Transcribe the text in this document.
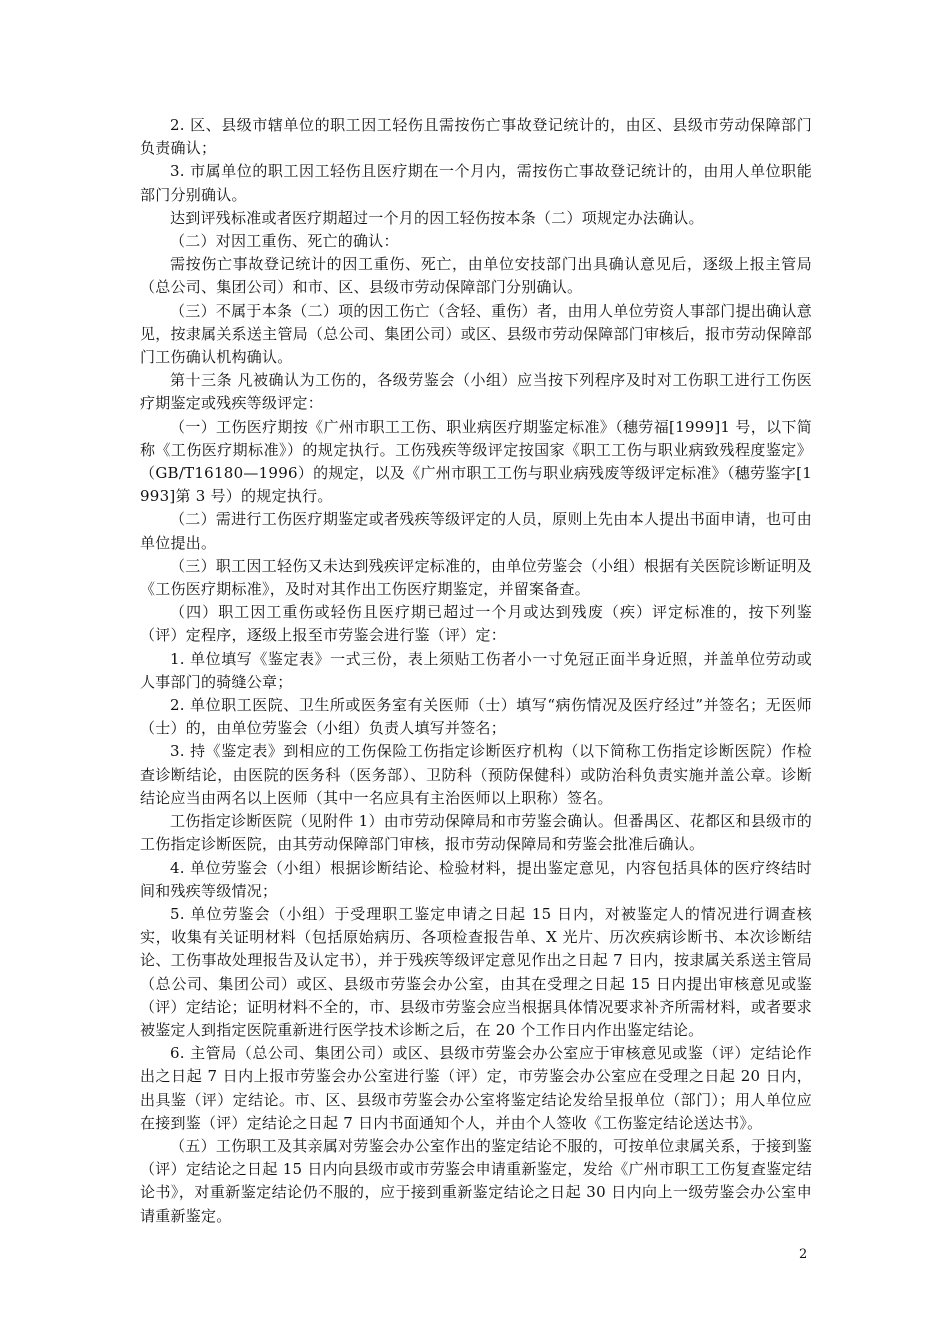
2. 区、县级市辖单位的职工因工轻伤且需按伤亡事故登记统计的，由区、县级市劳动保障部门负责确认；

3. 市属单位的职工因工轻伤且医疗期在一个月内，需按伤亡事故登记统计的，由用人单位职能部门分别确认。

达到评残标准或者医疗期超过一个月的因工轻伤按本条（二）项规定办法确认。

（二）对因工重伤、死亡的确认：

需按伤亡事故登记统计的因工重伤、死亡，由单位安技部门出具确认意见后，逐级上报主管局（总公司、集团公司）和市、区、县级市劳动保障部门分别确认。

（三）不属于本条（二）项的因工伤亡（含轻、重伤）者，由用人单位劳资人事部门提出确认意见，按隶属关系送主管局（总公司、集团公司）或区、县级市劳动保障部门审核后，报市劳动保障部门工伤确认机构确认。

第十三条 凡被确认为工伤的，各级劳鉴会（小组）应当按下列程序及时对工伤职工进行工伤医疗期鉴定或残疾等级评定：

（一）工伤医疗期按《广州市职工工伤、职业病医疗期鉴定标准》（穗劳福[1999]1 号，以下简称《工伤医疗期标准》）的规定执行。工伤残疾等级评定按国家《职工工伤与职业病致残程度鉴定》（GB/T16180—1996）的规定，以及《广州市职工工伤与职业病残废等级评定标准》（穗劳鉴字[1993]第 3 号）的规定执行。

（二）需进行工伤医疗期鉴定或者残疾等级评定的人员，原则上先由本人提出书面申请，也可由单位提出。

（三）职工因工轻伤又未达到残疾评定标准的，由单位劳鉴会（小组）根据有关医院诊断证明及《工伤医疗期标准》，及时对其作出工伤医疗期鉴定，并留案备查。

（四）职工因工重伤或轻伤且医疗期已超过一个月或达到残废（疾）评定标准的，按下列鉴（评）定程序，逐级上报至市劳鉴会进行鉴（评）定：

1. 单位填写《鉴定表》一式三份，表上须贴工伤者小一寸免冠正面半身近照，并盖单位劳动或人事部门的骑缝公章；

2. 单位职工医院、卫生所或医务室有关医师（士）填写“病伤情况及医疗经过”并签名；无医师（士）的，由单位劳鉴会（小组）负责人填写并签名；

3. 持《鉴定表》到相应的工伤保险工伤指定诊断医疗机构（以下简称工伤指定诊断医院）作检查诊断结论，由医院的医务科（医务部）、卫防科（预防保健科）或防治科负责实施并盖公章。诊断结论应当由两名以上医师（其中一名应具有主治医师以上职称）签名。

工伤指定诊断医院（见附件 1）由市劳动保障局和市劳鉴会确认。但番禺区、花都区和县级市的工伤指定诊断医院，由其劳动保障部门审核，报市劳动保障局和劳鉴会批准后确认。

4. 单位劳鉴会（小组）根据诊断结论、检验材料，提出鉴定意见，内容包括具体的医疗终结时间和残疾等级情况；

5. 单位劳鉴会（小组）于受理职工鉴定申请之日起 15 日内，对被鉴定人的情况进行调查核实，收集有关证明材料（包括原始病历、各项检查报告单、X 光片、历次疾病诊断书、本次诊断结论、工伤事故处理报告及认定书），并于残疾等级评定意见作出之日起 7 日内，按隶属关系送主管局（总公司、集团公司）或区、县级市劳鉴会办公室，由其在受理之日起 15 日内提出审核意见或鉴（评）定结论；证明材料不全的，市、县级市劳鉴会应当根据具体情况要求补齐所需材料，或者要求被鉴定人到指定医院重新进行医学技术诊断之后，在 20 个工作日内作出鉴定结论。

6. 主管局（总公司、集团公司）或区、县级市劳鉴会办公室应于审核意见或鉴（评）定结论作出之日起 7 日内上报市劳鉴会办公室进行鉴（评）定，市劳鉴会办公室应在受理之日起 20 日内，出具鉴（评）定结论。市、区、县级市劳鉴会办公室将鉴定结论发给呈报单位（部门）；用人单位应在接到鉴（评）定结论之日起 7 日内书面通知个人，并由个人签收《工伤鉴定结论送达书》。

（五）工伤职工及其亲属对劳鉴会办公室作出的鉴定结论不服的，可按单位隶属关系，于接到鉴（评）定结论之日起 15 日内向县级市或市劳鉴会申请重新鉴定，发给《广州市职工工伤复查鉴定结论书》，对重新鉴定结论仍不服的，应于接到重新鉴定结论之日起 30 日内向上一级劳鉴会办公室申请重新鉴定。

2
